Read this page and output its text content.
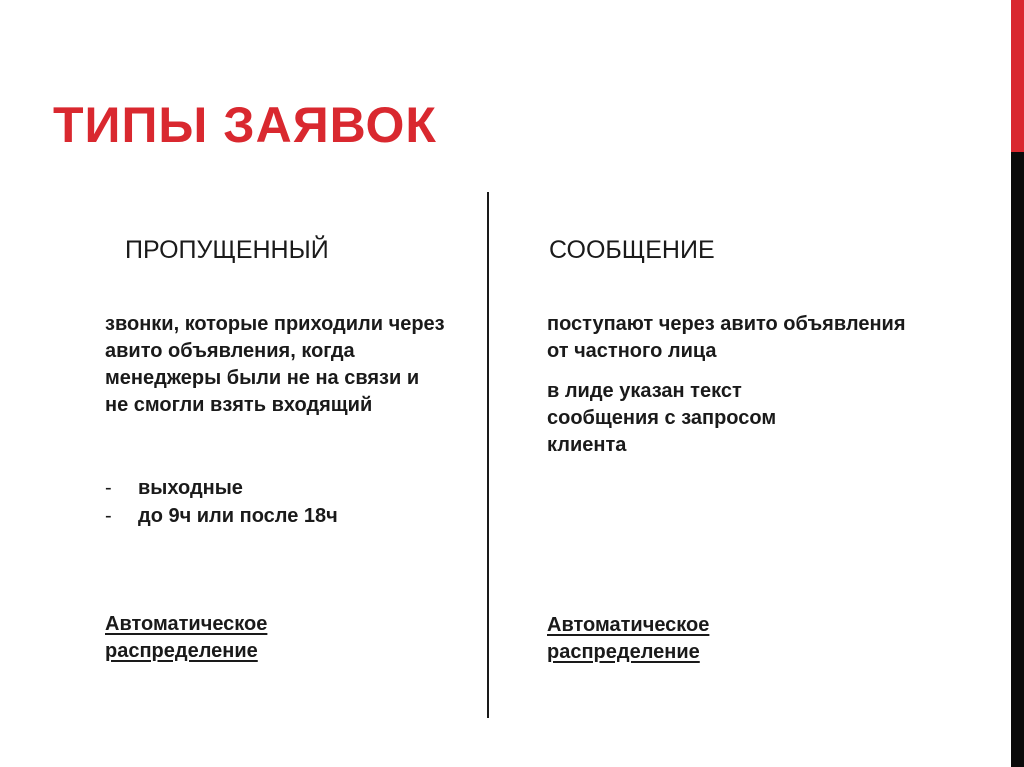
ТИПЫ ЗАЯВОК
ПРОПУЩЕННЫЙ

звонки, которые приходили через авито объявления, когда менеджеры были не на связи и не смогли взять входящий

- выходные
- до 9ч или после 18ч

Автоматическое распределение

СООБЩЕНИЕ

поступают через авито объявления от частного лица

в лиде указан текст сообщения с запросом клиента

Автоматическое распределение
